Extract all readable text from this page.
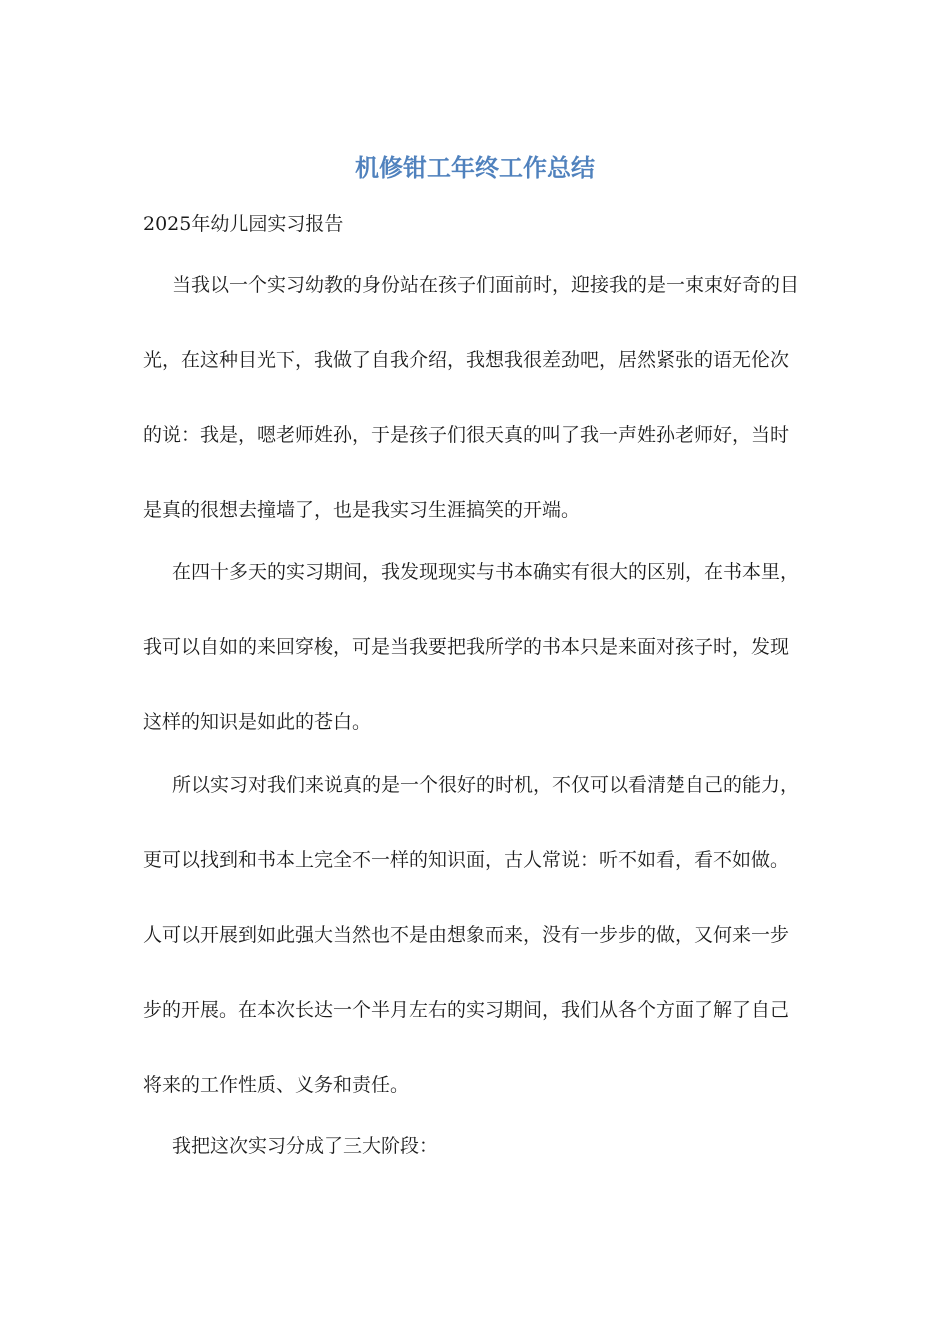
机修钳工年终工作总结

2025年幼儿园实习报告

当我以一个实习幼教的身份站在孩子们面前时，迎接我的是一束束好奇的目光，在这种目光下，我做了自我介绍，我想我很差劲吧，居然紧张的语无伦次的说：我是，嗯老师姓孙，于是孩子们很天真的叫了我一声姓孙老师好，当时是真的很想去撞墙了，也是我实习生涯搞笑的开端。

在四十多天的实习期间，我发现现实与书本确实有很大的区别，在书本里，我可以自如的来回穿梭，可是当我要把我所学的书本只是来面对孩子时，发现这样的知识是如此的苍白。

所以实习对我们来说真的是一个很好的时机，不仅可以看清楚自己的能力，更可以找到和书本上完全不一样的知识面，古人常说：听不如看，看不如做。人可以开展到如此强大当然也不是由想象而来，没有一步步的做，又何来一步步的开展。在本次长达一个半月左右的实习期间，我们从各个方面了解了自己将来的工作性质、义务和责任。

我把这次实习分成了三大阶段：
